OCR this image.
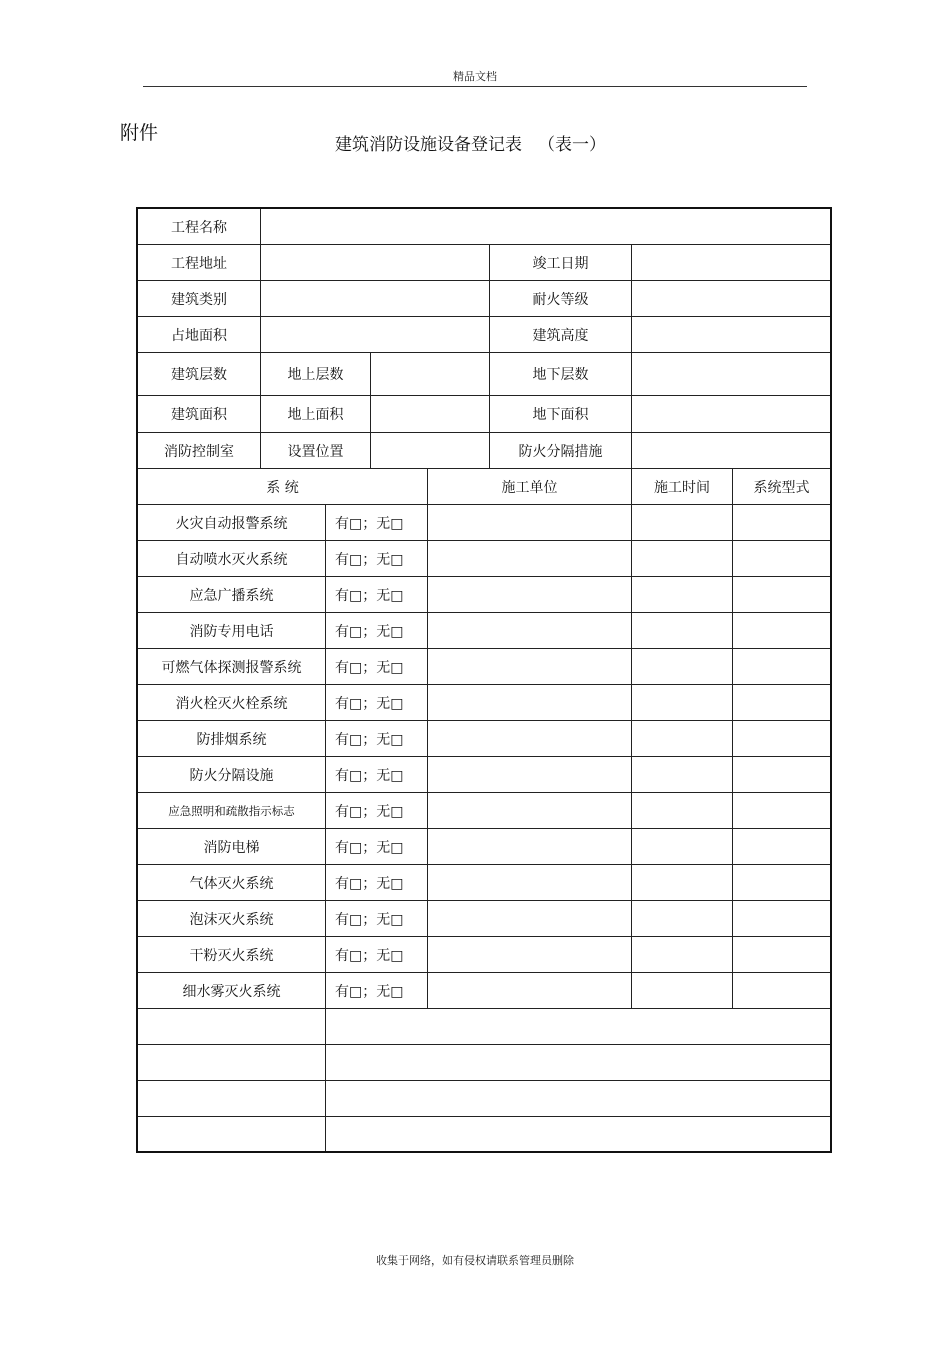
精品文档
附件
建筑消防设施设备登记表 （表一）
工程名称
工程地址	竣工日期
建筑类别	耐火等级
占地面积	建筑高度
建筑层数	地上层数	地下层数
建筑面积	地上面积	地下面积
消防控制室	设置位置	防火分隔措施
系 统	施工单位	施工时间	系统型式
火灾自动报警系统	有□；无□
自动喷水灭火系统	有□；无□
应急广播系统	有□；无□
消防专用电话	有□；无□
可燃气体探测报警系统	有□；无□
消火栓灭火栓系统	有□；无□
防排烟系统	有□；无□
防火分隔设施	有□；无□
应急照明和疏散指示标志	有□；无□
消防电梯	有□；无□
气体灭火系统	有□；无□
泡沫灭火系统	有□；无□
干粉灭火系统	有□；无□
细水雾灭火系统	有□；无□
收集于网络，如有侵权请联系管理员删除
